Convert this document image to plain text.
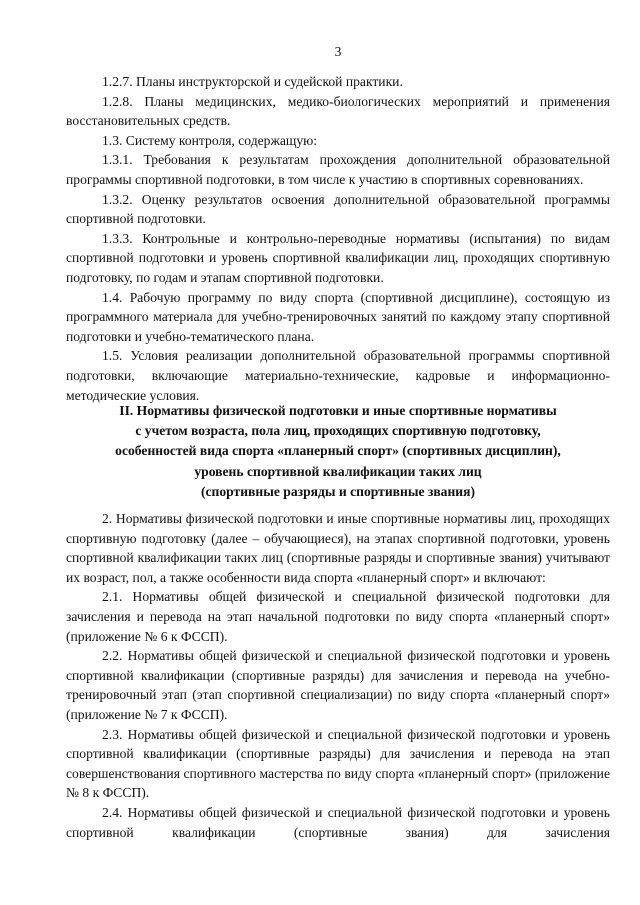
3

1.2.7. Планы инструкторской и судейской практики.

1.2.8. Планы медицинских, медико-биологических мероприятий и применения восстановительных средств.

1.3. Систему контроля, содержащую:

1.3.1. Требования к результатам прохождения дополнительной образовательной программы спортивной подготовки, в том числе к участию в спортивных соревнованиях.

1.3.2. Оценку результатов освоения дополнительной образовательной программы спортивной подготовки.

1.3.3. Контрольные и контрольно-переводные нормативы (испытания) по видам спортивной подготовки и уровень спортивной квалификации лиц, проходящих спортивную подготовку, по годам и этапам спортивной подготовки.

1.4. Рабочую программу по виду спорта (спортивной дисциплине), состоящую из программного материала для учебно-тренировочных занятий по каждому этапу спортивной подготовки и учебно-тематического плана.

1.5. Условия реализации дополнительной образовательной программы спортивной подготовки, включающие материально-технические, кадровые и информационно-методические условия.

II. Нормативы физической подготовки и иные спортивные нормативы
с учетом возраста, пола лиц, проходящих спортивную подготовку,
особенностей вида спорта «планерный спорт» (спортивных дисциплин),
уровень спортивной квалификации таких лиц
(спортивные разряды и спортивные звания)

2. Нормативы физической подготовки и иные спортивные нормативы лиц, проходящих спортивную подготовку (далее – обучающиеся), на этапах спортивной подготовки, уровень спортивной квалификации таких лиц (спортивные разряды и спортивные звания) учитывают их возраст, пол, а также особенности вида спорта «планерный спорт» и включают:

2.1. Нормативы общей физической и специальной физической подготовки для зачисления и перевода на этап начальной подготовки по виду спорта «планерный спорт» (приложение № 6 к ФССП).

2.2. Нормативы общей физической и специальной физической подготовки и уровень спортивной квалификации (спортивные разряды) для зачисления и перевода на учебно-тренировочный этап (этап спортивной специализации) по виду спорта «планерный спорт» (приложение № 7 к ФССП).

2.3. Нормативы общей физической и специальной физической подготовки и уровень спортивной квалификации (спортивные разряды) для зачисления и перевода на этап совершенствования спортивного мастерства по виду спорта «планерный спорт» (приложение № 8 к ФССП).

2.4. Нормативы общей физической и специальной физической подготовки и уровень спортивной квалификации (спортивные звания) для зачисления
